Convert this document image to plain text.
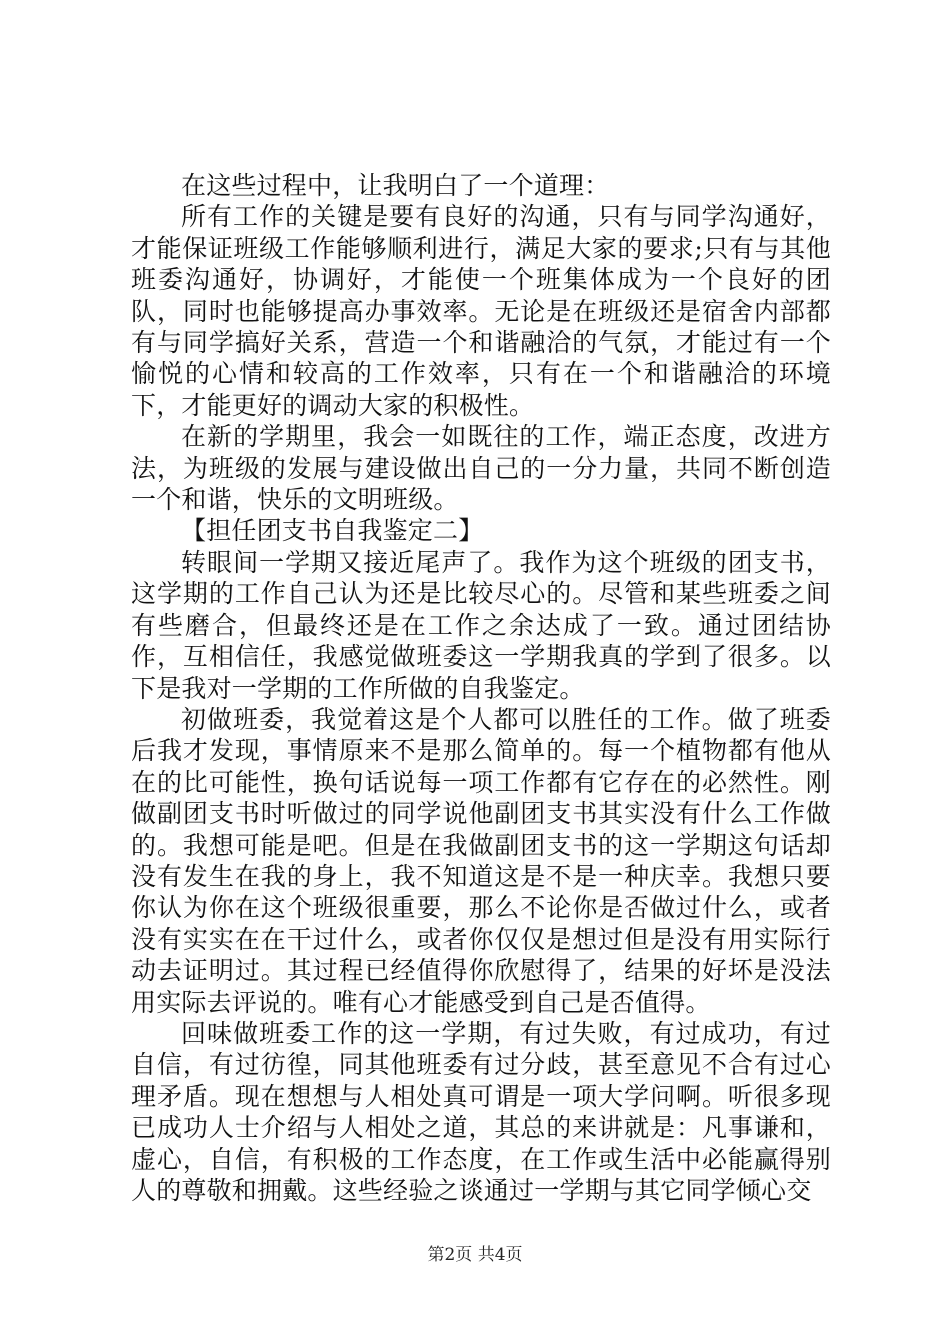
在这些过程中，让我明白了一个道理：

所有工作的关键是要有良好的沟通，只有与同学沟通好，才能保证班级工作能够顺利进行，满足大家的要求;只有与其他班委沟通好，协调好，才能使一个班集体成为一个良好的团队，同时也能够提高办事效率。无论是在班级还是宿舍内部都有与同学搞好关系，营造一个和谐融洽的气氛，才能过有一个愉悦的心情和较高的工作效率，只有在一个和谐融洽的环境下，才能更好的调动大家的积极性。

在新的学期里，我会一如既往的工作，端正态度，改进方法，为班级的发展与建设做出自己的一分力量，共同不断创造一个和谐，快乐的文明班级。

【担任团支书自我鉴定二】

转眼间一学期又接近尾声了。我作为这个班级的团支书，这学期的工作自己认为还是比较尽心的。尽管和某些班委之间有些磨合，但最终还是在工作之余达成了一致。通过团结协作，互相信任，我感觉做班委这一学期我真的学到了很多。以下是我对一学期的工作所做的自我鉴定。

初做班委，我觉着这是个人都可以胜任的工作。做了班委后我才发现，事情原来不是那么简单的。每一个植物都有他从在的比可能性，换句话说每一项工作都有它存在的必然性。刚做副团支书时听做过的同学说他副团支书其实没有什么工作做的。我想可能是吧。但是在我做副团支书的这一学期这句话却没有发生在我的身上，我不知道这是不是一种庆幸。我想只要你认为你在这个班级很重要，那么不论你是否做过什么，或者没有实实在在干过什么，或者你仅仅是想过但是没有用实际行动去证明过。其过程已经值得你欣慰得了，结果的好坏是没法用实际去评说的。唯有心才能感受到自己是否值得。

回味做班委工作的这一学期，有过失败，有过成功，有过自信，有过彷徨，同其他班委有过分歧，甚至意见不合有过心理矛盾。现在想想与人相处真可谓是一项大学问啊。听很多现已成功人士介绍与人相处之道，其总的来讲就是：凡事谦和，虚心，自信，有积极的工作态度，在工作或生活中必能赢得别人的尊敬和拥戴。这些经验之谈通过一学期与其它同学倾心交

第2页 共4页
